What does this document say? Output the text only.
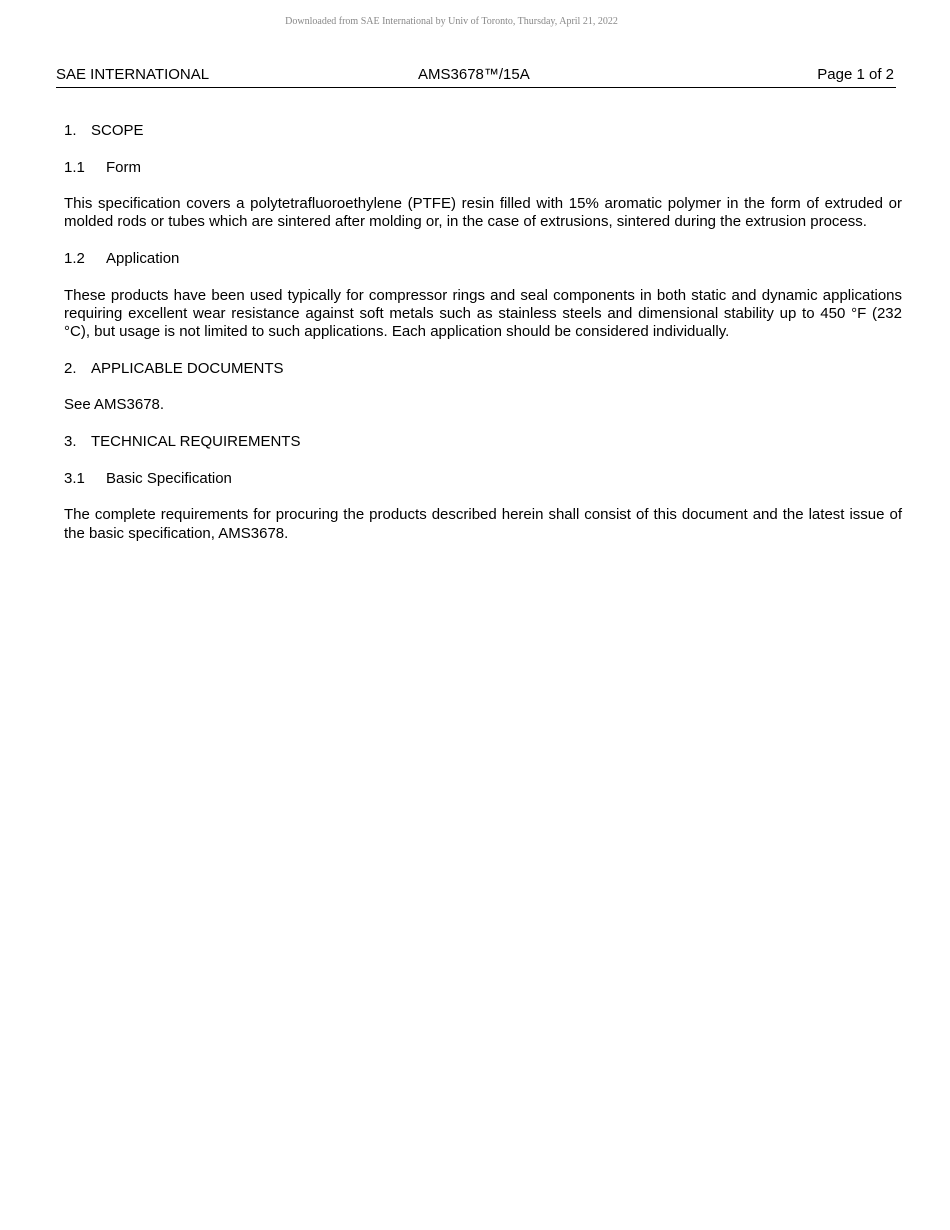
Downloaded from SAE International by Univ of Toronto, Thursday, April 21, 2022
SAE INTERNATIONAL	AMS3678™/15A	Page 1 of 2
1. SCOPE
1.1 Form

This specification covers a polytetrafluoroethylene (PTFE) resin filled with 15% aromatic polymer in the form of extruded or molded rods or tubes which are sintered after molding or, in the case of extrusions, sintered during the extrusion process.

1.2 Application

These products have been used typically for compressor rings and seal components in both static and dynamic applications requiring excellent wear resistance against soft metals such as stainless steels and dimensional stability up to 450 °F (232 °C), but usage is not limited to such applications. Each application should be considered individually.

2. APPLICABLE DOCUMENTS

See AMS3678.

3. TECHNICAL REQUIREMENTS
3.1 Basic Specification

The complete requirements for procuring the products described herein shall consist of this document and the latest issue of the basic specification, AMS3678.
